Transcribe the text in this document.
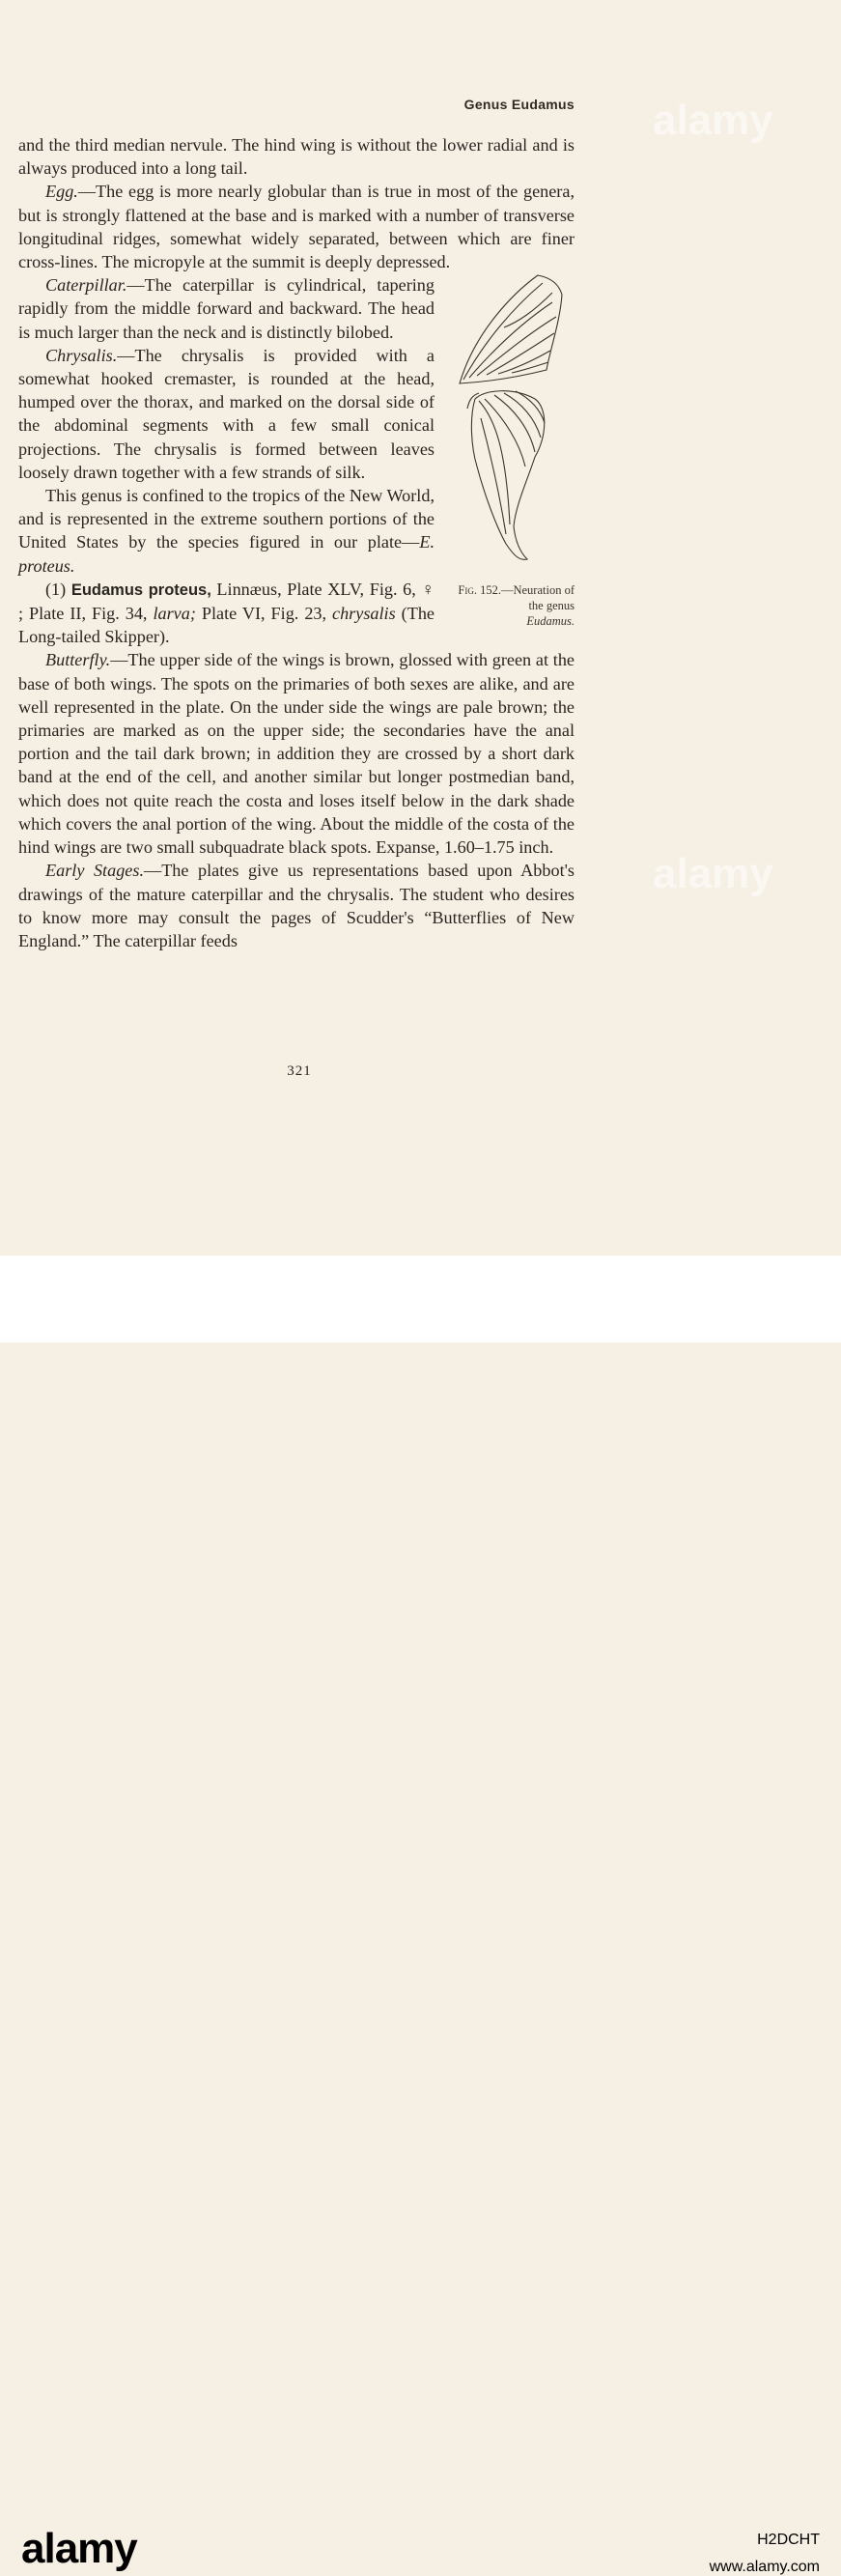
alamy
alamy
Genus Eudamus

and the third median nervule. The hind wing is without the lower radial and is always produced into a long tail.

Egg.—The egg is more nearly globular than is true in most of the genera, but is strongly flattened at the base and is marked with a number of transverse longitudinal ridges, somewhat widely separated, between which are finer cross-lines. The micropyle at the summit is deeply depressed.

Fig. 152.—Neuration of the genus
Eudamus.

Caterpillar.—The caterpillar is cylindrical, tapering rapidly from the middle forward and backward. The head is much larger than the neck and is distinctly bilobed.

Chrysalis.—The chrysalis is provided with a somewhat hooked cremaster, is rounded at the head, humped over the thorax, and marked on the dorsal side of the abdominal segments with a few small conical projections. The chrysalis is formed between leaves loosely drawn together with a few strands of silk.

This genus is confined to the tropics of the New World, and is represented in the extreme southern portions of the United States by the species figured in our plate—E. proteus.

(1) Eudamus proteus, Linnæus, Plate XLV, Fig. 6, ♀ ; Plate II, Fig. 34, larva; Plate VI, Fig. 23, chrysalis (The Long-tailed Skipper).

Butterfly.—The upper side of the wings is brown, glossed with green at the base of both wings. The spots on the primaries of both sexes are alike, and are well represented in the plate. On the under side the wings are pale brown; the primaries are marked as on the upper side; the secondaries have the anal portion and the tail dark brown; in addition they are crossed by a short dark band at the end of the cell, and another similar but longer postmedian band, which does not quite reach the costa and loses itself below in the dark shade which covers the anal portion of the wing. About the middle of the costa of the hind wings are two small subquadrate black spots. Expanse, 1.60–1.75 inch.

Early Stages.—The plates give us representations based upon Abbot's drawings of the mature caterpillar and the chrysalis. The student who desires to know more may consult the pages of Scudder's “Butterflies of New England.” The caterpillar feeds

321
alamy	H2DCHT
www.alamy.com
